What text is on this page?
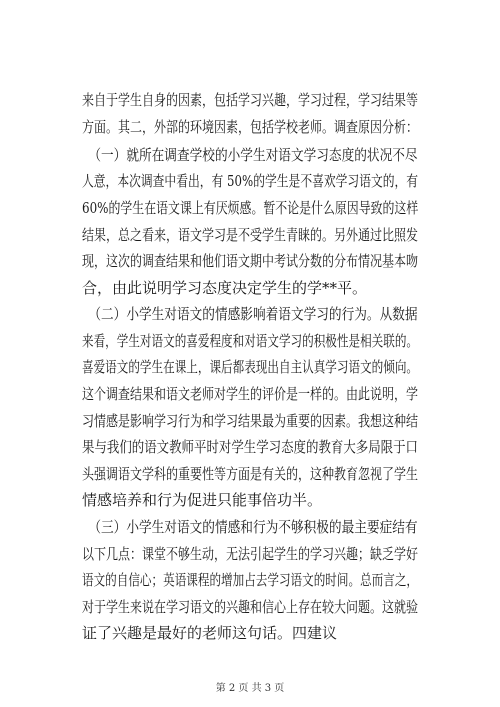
来自于学生自身的因素，包括学习兴趣，学习过程，学习结果等
方面。其二，外部的环境因素，包括学校老师。调查原因分析：
　（一）就所在调查学校的小学生对语文学习态度的状况不尽
人意，本次调查中看出，有 50%的学生是不喜欢学习语文的，有
60%的学生在语文课上有厌烦感。暂不论是什么原因导致的这样
结果，总之看来，语文学习是不受学生青睐的。另外通过比照发
现，这次的调查结果和他们语文期中考试分数的分布情况基本吻
合，由此说明学习态度决定学生的学**平。
　（二）小学生对语文的情感影响着语文学习的行为。从数据
来看，学生对语文的喜爱程度和对语文学习的积极性是相关联的。
喜爱语文的学生在课上，课后都表现出自主认真学习语文的倾向。
这个调查结果和语文老师对学生的评价是一样的。由此说明，学
习情感是影响学习行为和学习结果最为重要的因素。我想这种结
果与我们的语文教师平时对学生学习态度的教育大多局限于口
头强调语文学科的重要性等方面是有关的，这种教育忽视了学生
情感培养和行为促进只能事倍功半。
　（三）小学生对语文的情感和行为不够积极的最主要症结有
以下几点：课堂不够生动，无法引起学生的学习兴趣；缺乏学好
语文的自信心；英语课程的增加占去学习语文的时间。总而言之，
对于学生来说在学习语文的兴趣和信心上存在较大问题。这就验
证了兴趣是最好的老师这句话。四建议
第 2 页 共 3 页
